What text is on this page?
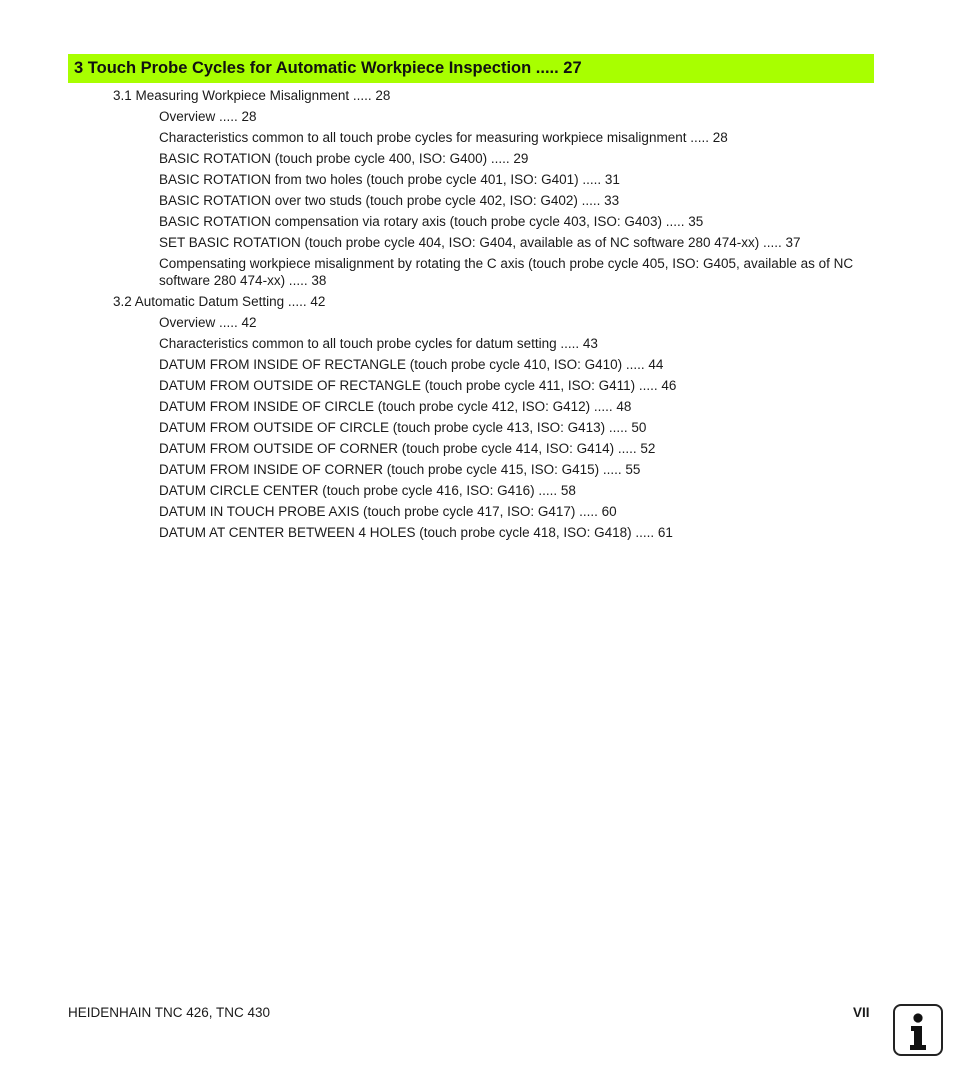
3 Touch Probe Cycles for Automatic Workpiece Inspection ..... 27
3.1 Measuring Workpiece Misalignment ..... 28
Overview ..... 28
Characteristics common to all touch probe cycles for measuring workpiece misalignment ..... 28
BASIC ROTATION (touch probe cycle 400, ISO: G400) ..... 29
BASIC ROTATION from two holes (touch probe cycle 401, ISO: G401) ..... 31
BASIC ROTATION over two studs (touch probe cycle 402, ISO: G402) ..... 33
BASIC ROTATION compensation via rotary axis (touch probe cycle 403, ISO: G403) ..... 35
SET BASIC ROTATION (touch probe cycle 404, ISO: G404, available as of NC software 280 474-xx) ..... 37
Compensating workpiece misalignment by rotating the C axis (touch probe cycle 405, ISO: G405, available as of NC software 280 474-xx) ..... 38
3.2 Automatic Datum Setting ..... 42
Overview ..... 42
Characteristics common to all touch probe cycles for datum setting ..... 43
DATUM FROM INSIDE OF RECTANGLE (touch probe cycle 410, ISO: G410) ..... 44
DATUM FROM OUTSIDE OF RECTANGLE (touch probe cycle 411, ISO: G411) ..... 46
DATUM FROM INSIDE OF CIRCLE (touch probe cycle 412, ISO: G412) ..... 48
DATUM FROM OUTSIDE OF CIRCLE (touch probe cycle 413, ISO: G413) ..... 50
DATUM FROM OUTSIDE OF CORNER (touch probe cycle 414, ISO: G414) ..... 52
DATUM FROM INSIDE OF CORNER (touch probe cycle 415, ISO: G415) ..... 55
DATUM CIRCLE CENTER (touch probe cycle 416, ISO: G416) ..... 58
DATUM IN TOUCH PROBE AXIS (touch probe cycle 417, ISO: G417) ..... 60
DATUM AT CENTER BETWEEN 4 HOLES (touch probe cycle 418, ISO: G418) ..... 61
HEIDENHAIN TNC 426, TNC 430	VII
